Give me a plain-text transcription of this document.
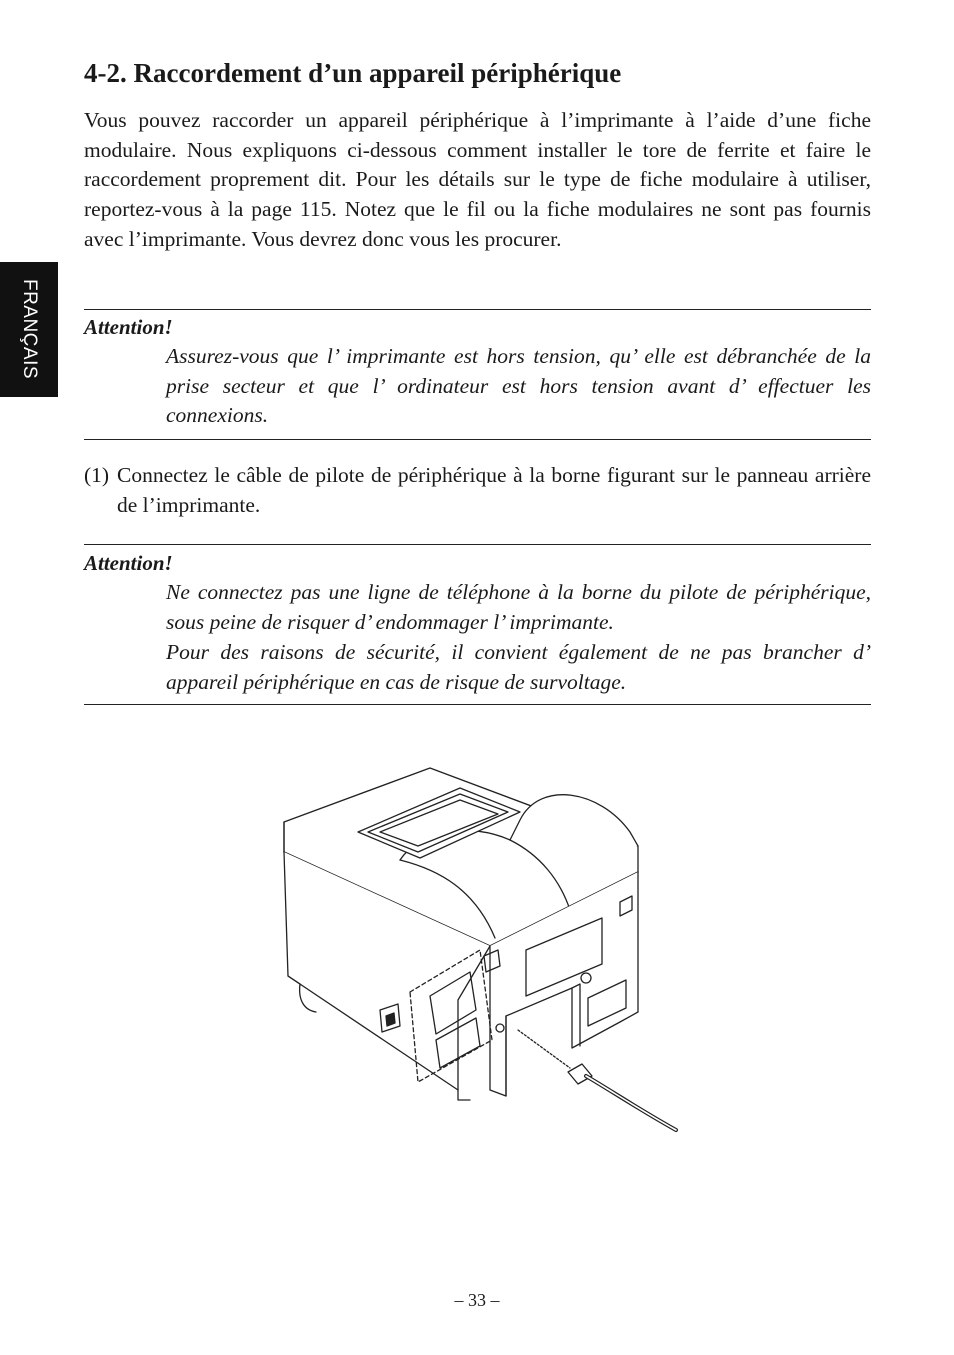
FRANÇAIS
4-2. Raccordement d’un appareil périphérique

Vous pouvez raccorder un appareil périphérique à l’imprimante à l’aide d’une fiche modulaire. Nous expliquons ci-dessous comment installer le tore de ferrite et faire le raccordement proprement dit. Pour les détails sur le type de fiche modulaire à utiliser, reportez-vous à la page 115. Notez que le fil ou la fiche modulaires ne sont pas fournis avec l’imprimante. Vous devrez donc vous les procurer.

Attention!

Assurez-vous que l’ imprimante est hors tension, qu’ elle est débranchée de la prise secteur et que l’ ordinateur est hors tension avant d’ effectuer les connexions.

(1) Connectez le câble de pilote de périphérique à la borne figurant sur le panneau arrière de l’imprimante.

Attention!

Ne connectez pas une ligne de téléphone à la borne du pilote de périphérique, sous peine de risquer d’ endommager l’ imprimante.

Pour des raisons de sécurité, il convient également de ne pas brancher d’ appareil périphérique en cas de risque de survoltage.

– 33 –
